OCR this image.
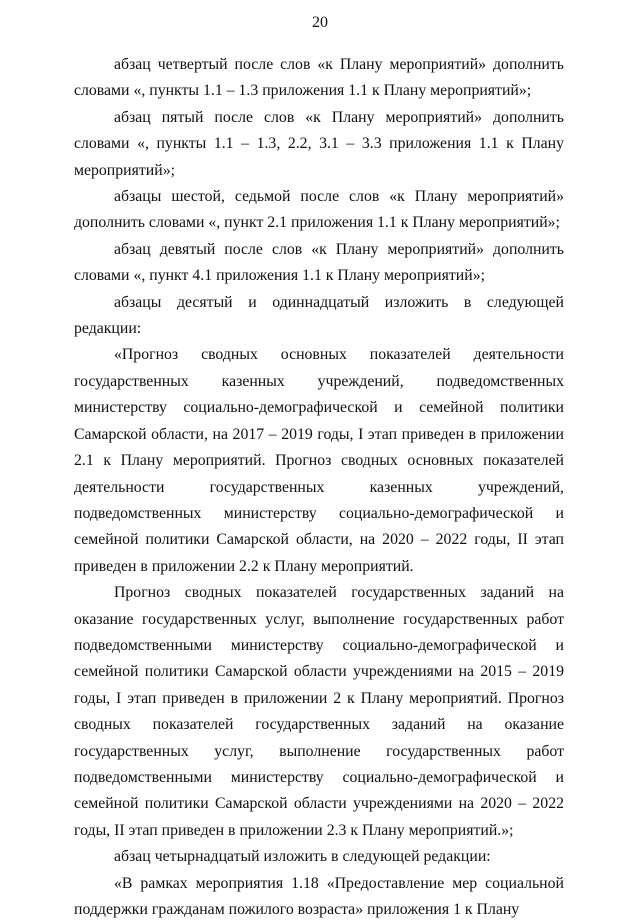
20

абзац четвертый после слов «к Плану мероприятий» дополнить словами «, пункты 1.1 – 1.3 приложения 1.1 к Плану мероприятий»;

абзац пятый после слов «к Плану мероприятий» дополнить словами «, пункты 1.1 – 1.3, 2.2, 3.1 – 3.3 приложения 1.1 к Плану мероприятий»;

абзацы шестой, седьмой после слов «к Плану мероприятий» дополнить словами «, пункт 2.1 приложения 1.1 к Плану мероприятий»;

абзац девятый после слов «к Плану мероприятий» дополнить словами «, пункт 4.1 приложения 1.1 к Плану мероприятий»;

абзацы десятый и одиннадцатый изложить в следующей редакции:

«Прогноз сводных основных показателей деятельности государственных казенных учреждений, подведомственных министерству социально-демографической и семейной политики Самарской области, на 2017 – 2019 годы, I этап приведен в приложении 2.1 к Плану мероприятий. Прогноз сводных основных показателей деятельности государственных казенных учреждений, подведомственных министерству социально-демографической и семейной политики Самарской области, на 2020 – 2022 годы, II этап приведен в приложении 2.2 к Плану мероприятий.

Прогноз сводных показателей государственных заданий на оказание государственных услуг, выполнение государственных работ подведомственными министерству социально-демографической и семейной политики Самарской области учреждениями на 2015 – 2019 годы, I этап приведен в приложении 2 к Плану мероприятий. Прогноз сводных показателей государственных заданий на оказание государственных услуг, выполнение государственных работ подведомственными министерству социально-демографической и семейной политики Самарской области учреждениями на 2020 – 2022 годы, II этап приведен в приложении 2.3 к Плану мероприятий.»;

абзац четырнадцатый изложить в следующей редакции:

«В рамках мероприятия 1.18 «Предоставление мер социальной поддержки гражданам пожилого возраста» приложения 1 к Плану
